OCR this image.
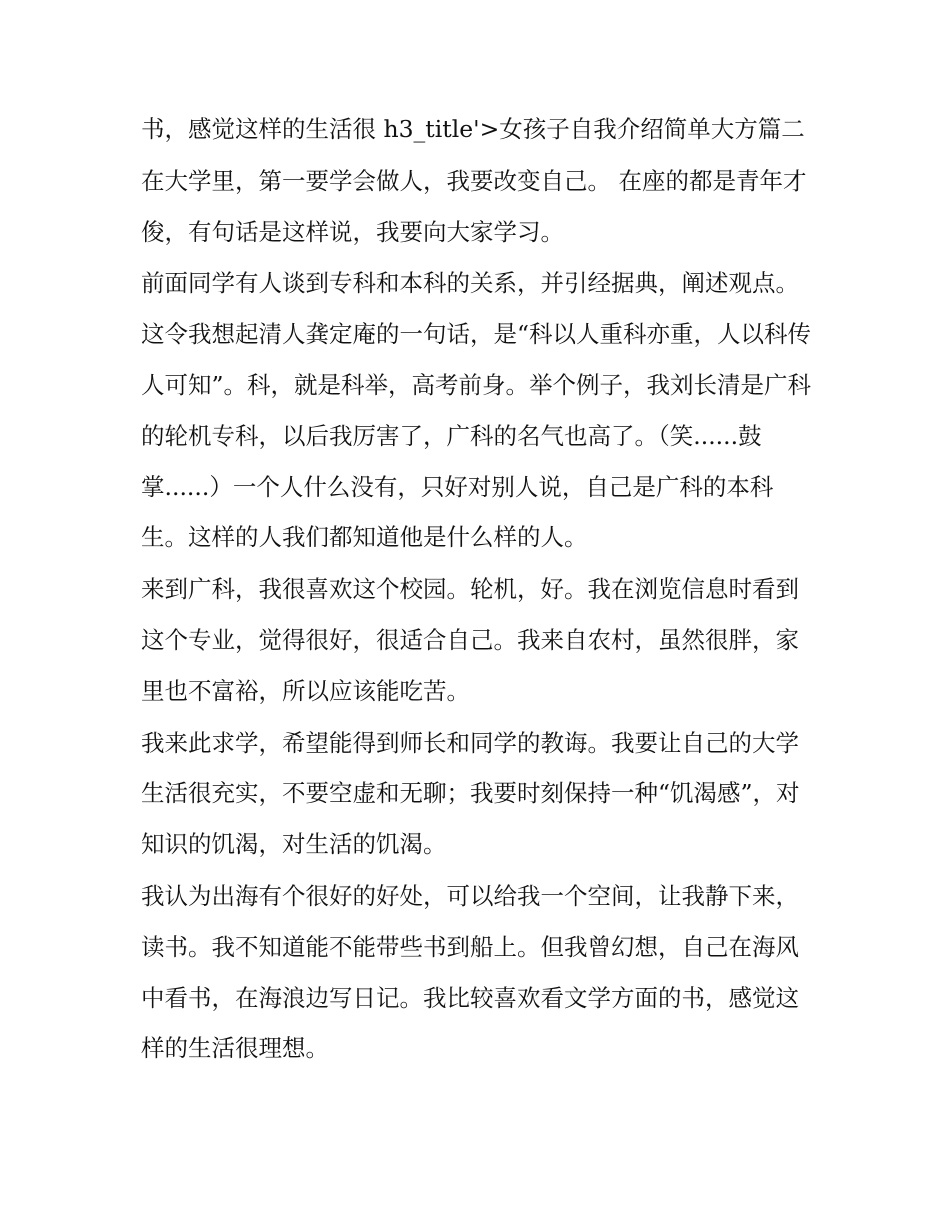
书，感觉这样的生活很 h3_title'>女孩子自我介绍简单大方篇二

在大学里，第一要学会做人，我要改变自己。 在座的都是青年才俊，有句话是这样说，我要向大家学习。

前面同学有人谈到专科和本科的关系，并引经据典，阐述观点。这令我想起清人龚定庵的一句话，是“科以人重科亦重，人以科传人可知”。科，就是科举，高考前身。举个例子，我刘长清是广科的轮机专科，以后我厉害了，广科的名气也高了。（笑......鼓掌......）一个人什么没有，只好对别人说，自己是广科的本科生。这样的人我们都知道他是什么样的人。

来到广科，我很喜欢这个校园。轮机，好。我在浏览信息时看到这个专业，觉得很好，很适合自己。我来自农村，虽然很胖，家里也不富裕，所以应该能吃苦。

我来此求学，希望能得到师长和同学的教诲。我要让自己的大学生活很充实，不要空虚和无聊；我要时刻保持一种“饥渴感”，对知识的饥渴，对生活的饥渴。

我认为出海有个很好的好处，可以给我一个空间，让我静下来，读书。我不知道能不能带些书到船上。但我曾幻想，自己在海风中看书，在海浪边写日记。我比较喜欢看文学方面的书，感觉这样的生活很理想。
